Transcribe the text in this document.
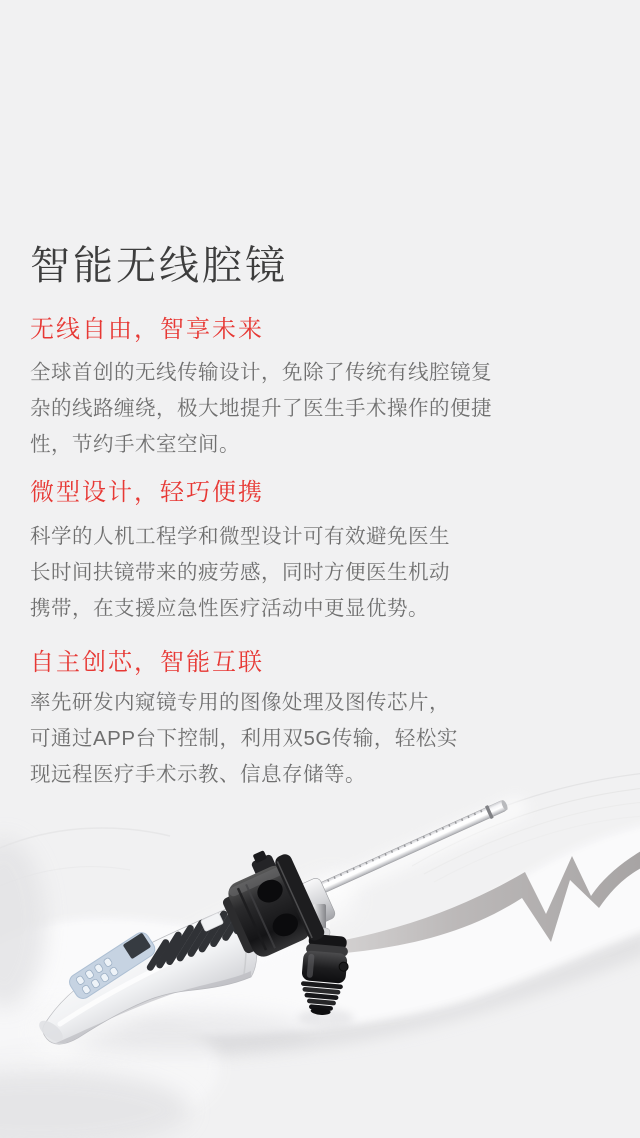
智能无线腔镜
无线自由，智享未来

全球首创的无线传输设计，免除了传统有线腔镜复
杂的线路缠绕，极大地提升了医生手术操作的便捷
性，节约手术室空间。

微型设计，轻巧便携

科学的人机工程学和微型设计可有效避免医生
长时间扶镜带来的疲劳感，同时方便医生机动
携带，在支援应急性医疗活动中更显优势。

自主创芯，智能互联

率先研发内窥镜专用的图像处理及图传芯片，
可通过APP台下控制，利用双5G传输，轻松实
现远程医疗手术示教、信息存储等。
